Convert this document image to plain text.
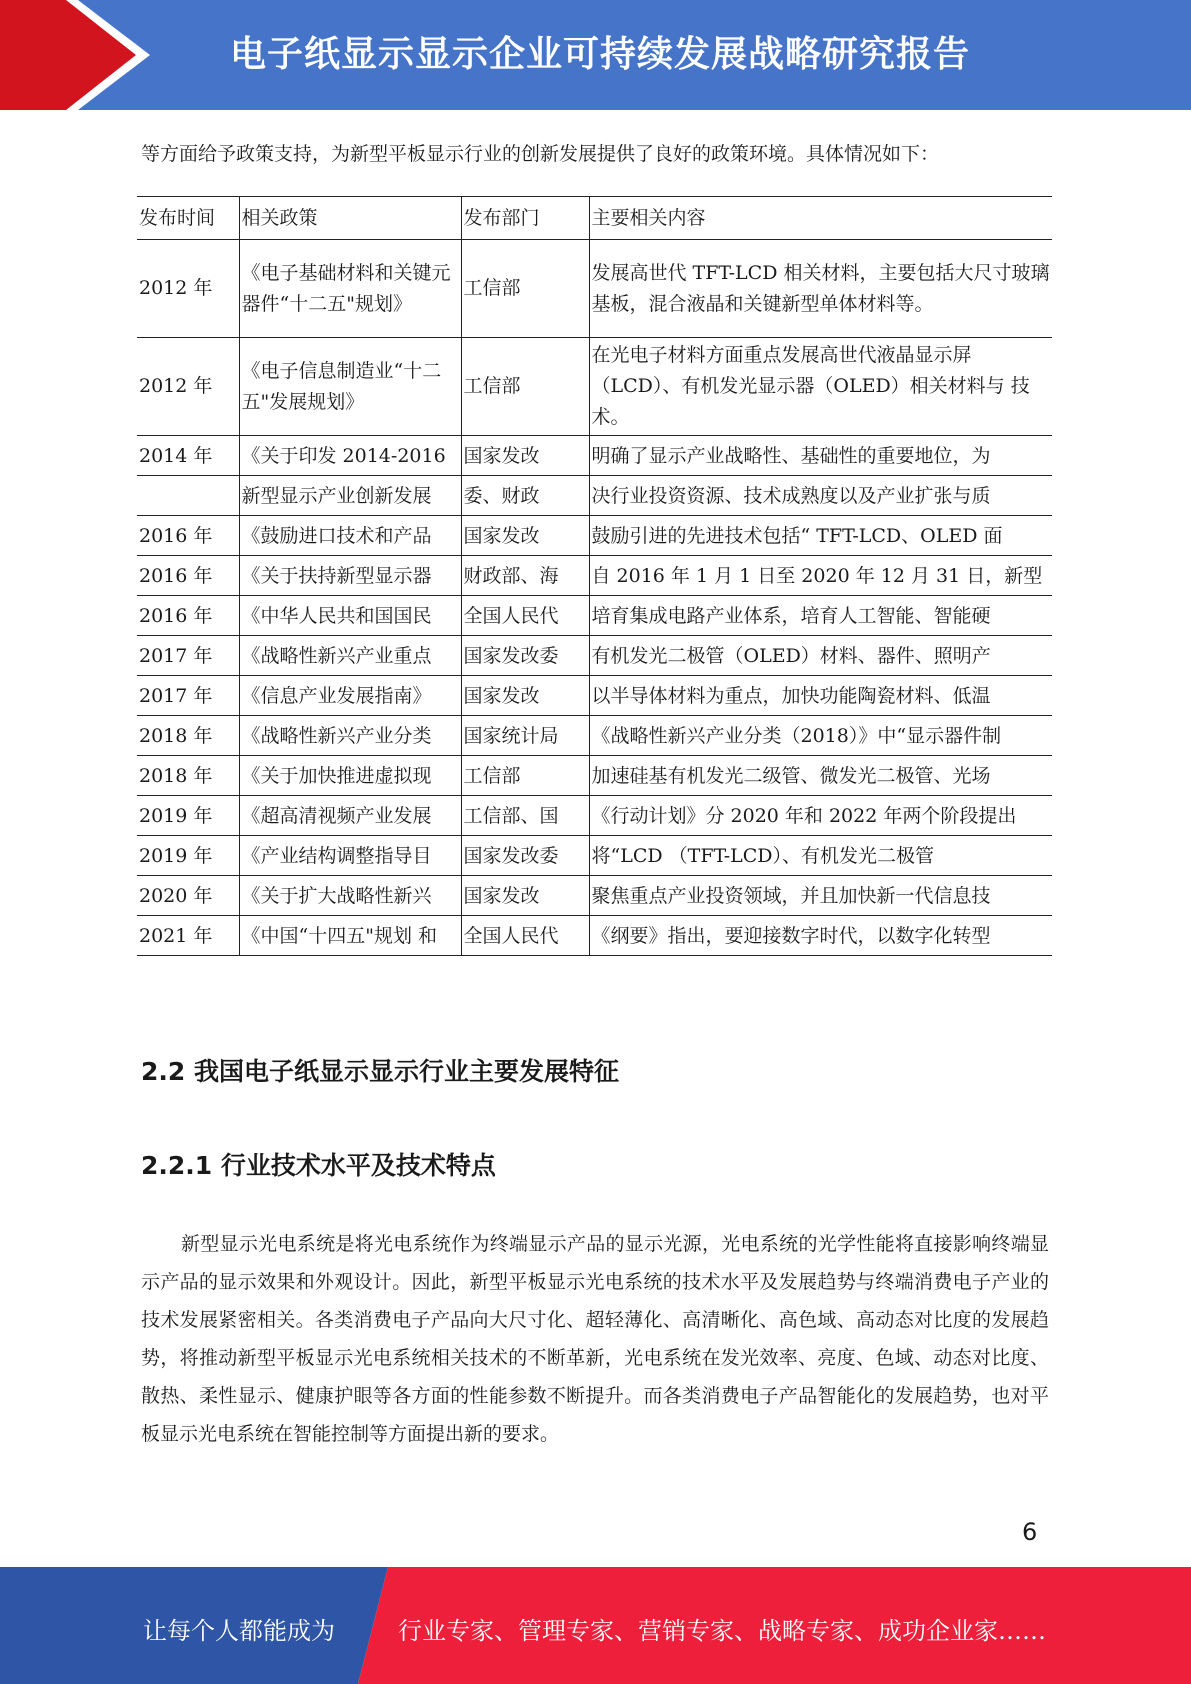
电子纸显示显示企业可持续发展战略研究报告
等方面给予政策支持，为新型平板显示行业的创新发展提供了良好的政策环境。具体情况如下：
发布时间	相关政策	发布部门	主要相关内容
2012 年	《电子基础材料和关键元器件“十二五"规划》	工信部	发展高世代 TFT-LCD 相关材料，主要包括大尺寸玻璃基板，混合液晶和关键新型单体材料等。
2012 年	《电子信息制造业“十二五"发展规划》	工信部	在光电子材料方面重点发展高世代液晶显示屏（LCD）、有机发光显示器（OLED）相关材料与 技术。

2014 年	《关于印发 2014-2016	国家发改	明确了显示产业战略性、基础性的重要地位，为

	新型显示产业创新发展	委、财政	决行业投资资源、技术成熟度以及产业扩张与质

2016 年	《鼓励进口技术和产品	国家发改	鼓励引进的先进技术包括“ TFT-LCD、OLED 面

2016 年	《关于扶持新型显示器	财政部、海	自 2016 年 1 月 1 日至 2020 年 12 月 31 日，新型

2016 年	《中华人民共和国国民	全国人民代	培育集成电路产业体系，培育人工智能、智能硬

2017 年	《战略性新兴产业重点	国家发改委	有机发光二极管（OLED）材料、器件、照明产

2017 年	《信息产业发展指南》	国家发改	以半导体材料为重点，加快功能陶瓷材料、低温

2018 年	《战略性新兴产业分类	国家统计局	《战略性新兴产业分类（2018）》中“显示器件制

2018 年	《关于加快推进虚拟现	工信部	加速硅基有机发光二级管、微发光二极管、光场

2019 年	《超高清视频产业发展	工信部、国	《行动计划》分 2020 年和 2022 年两个阶段提出

2019 年	《产业结构调整指导目	国家发改委	将“LCD （TFT-LCD）、有机发光二极管

2020 年	《关于扩大战略性新兴	国家发改	聚焦重点产业投资领域，并且加快新一代信息技

2021 年	《中国“十四五"规划 和	全国人民代	《纲要》指出，要迎接数字时代，以数字化转型
2.2 我国电子纸显示显示行业主要发展特征
2.2.1 行业技术水平及技术特点
新型显示光电系统是将光电系统作为终端显示产品的显示光源，光电系统的光学性能将直接影响终端显示产品的显示效果和外观设计。因此，新型平板显示光电系统的技术水平及发展趋势与终端消费电子产业的技术发展紧密相关。各类消费电子产品向大尺寸化、超轻薄化、高清晰化、高色域、高动态对比度的发展趋势，将推动新型平板显示光电系统相关技术的不断革新，光电系统在发光效率、亮度、色域、动态对比度、散热、柔性显示、健康护眼等各方面的性能参数不断提升。而各类消费电子产品智能化的发展趋势，也对平板显示光电系统在智能控制等方面提出新的要求。
6
让每个人都能成为	行业专家、管理专家、营销专家、战略专家、成功企业家……
